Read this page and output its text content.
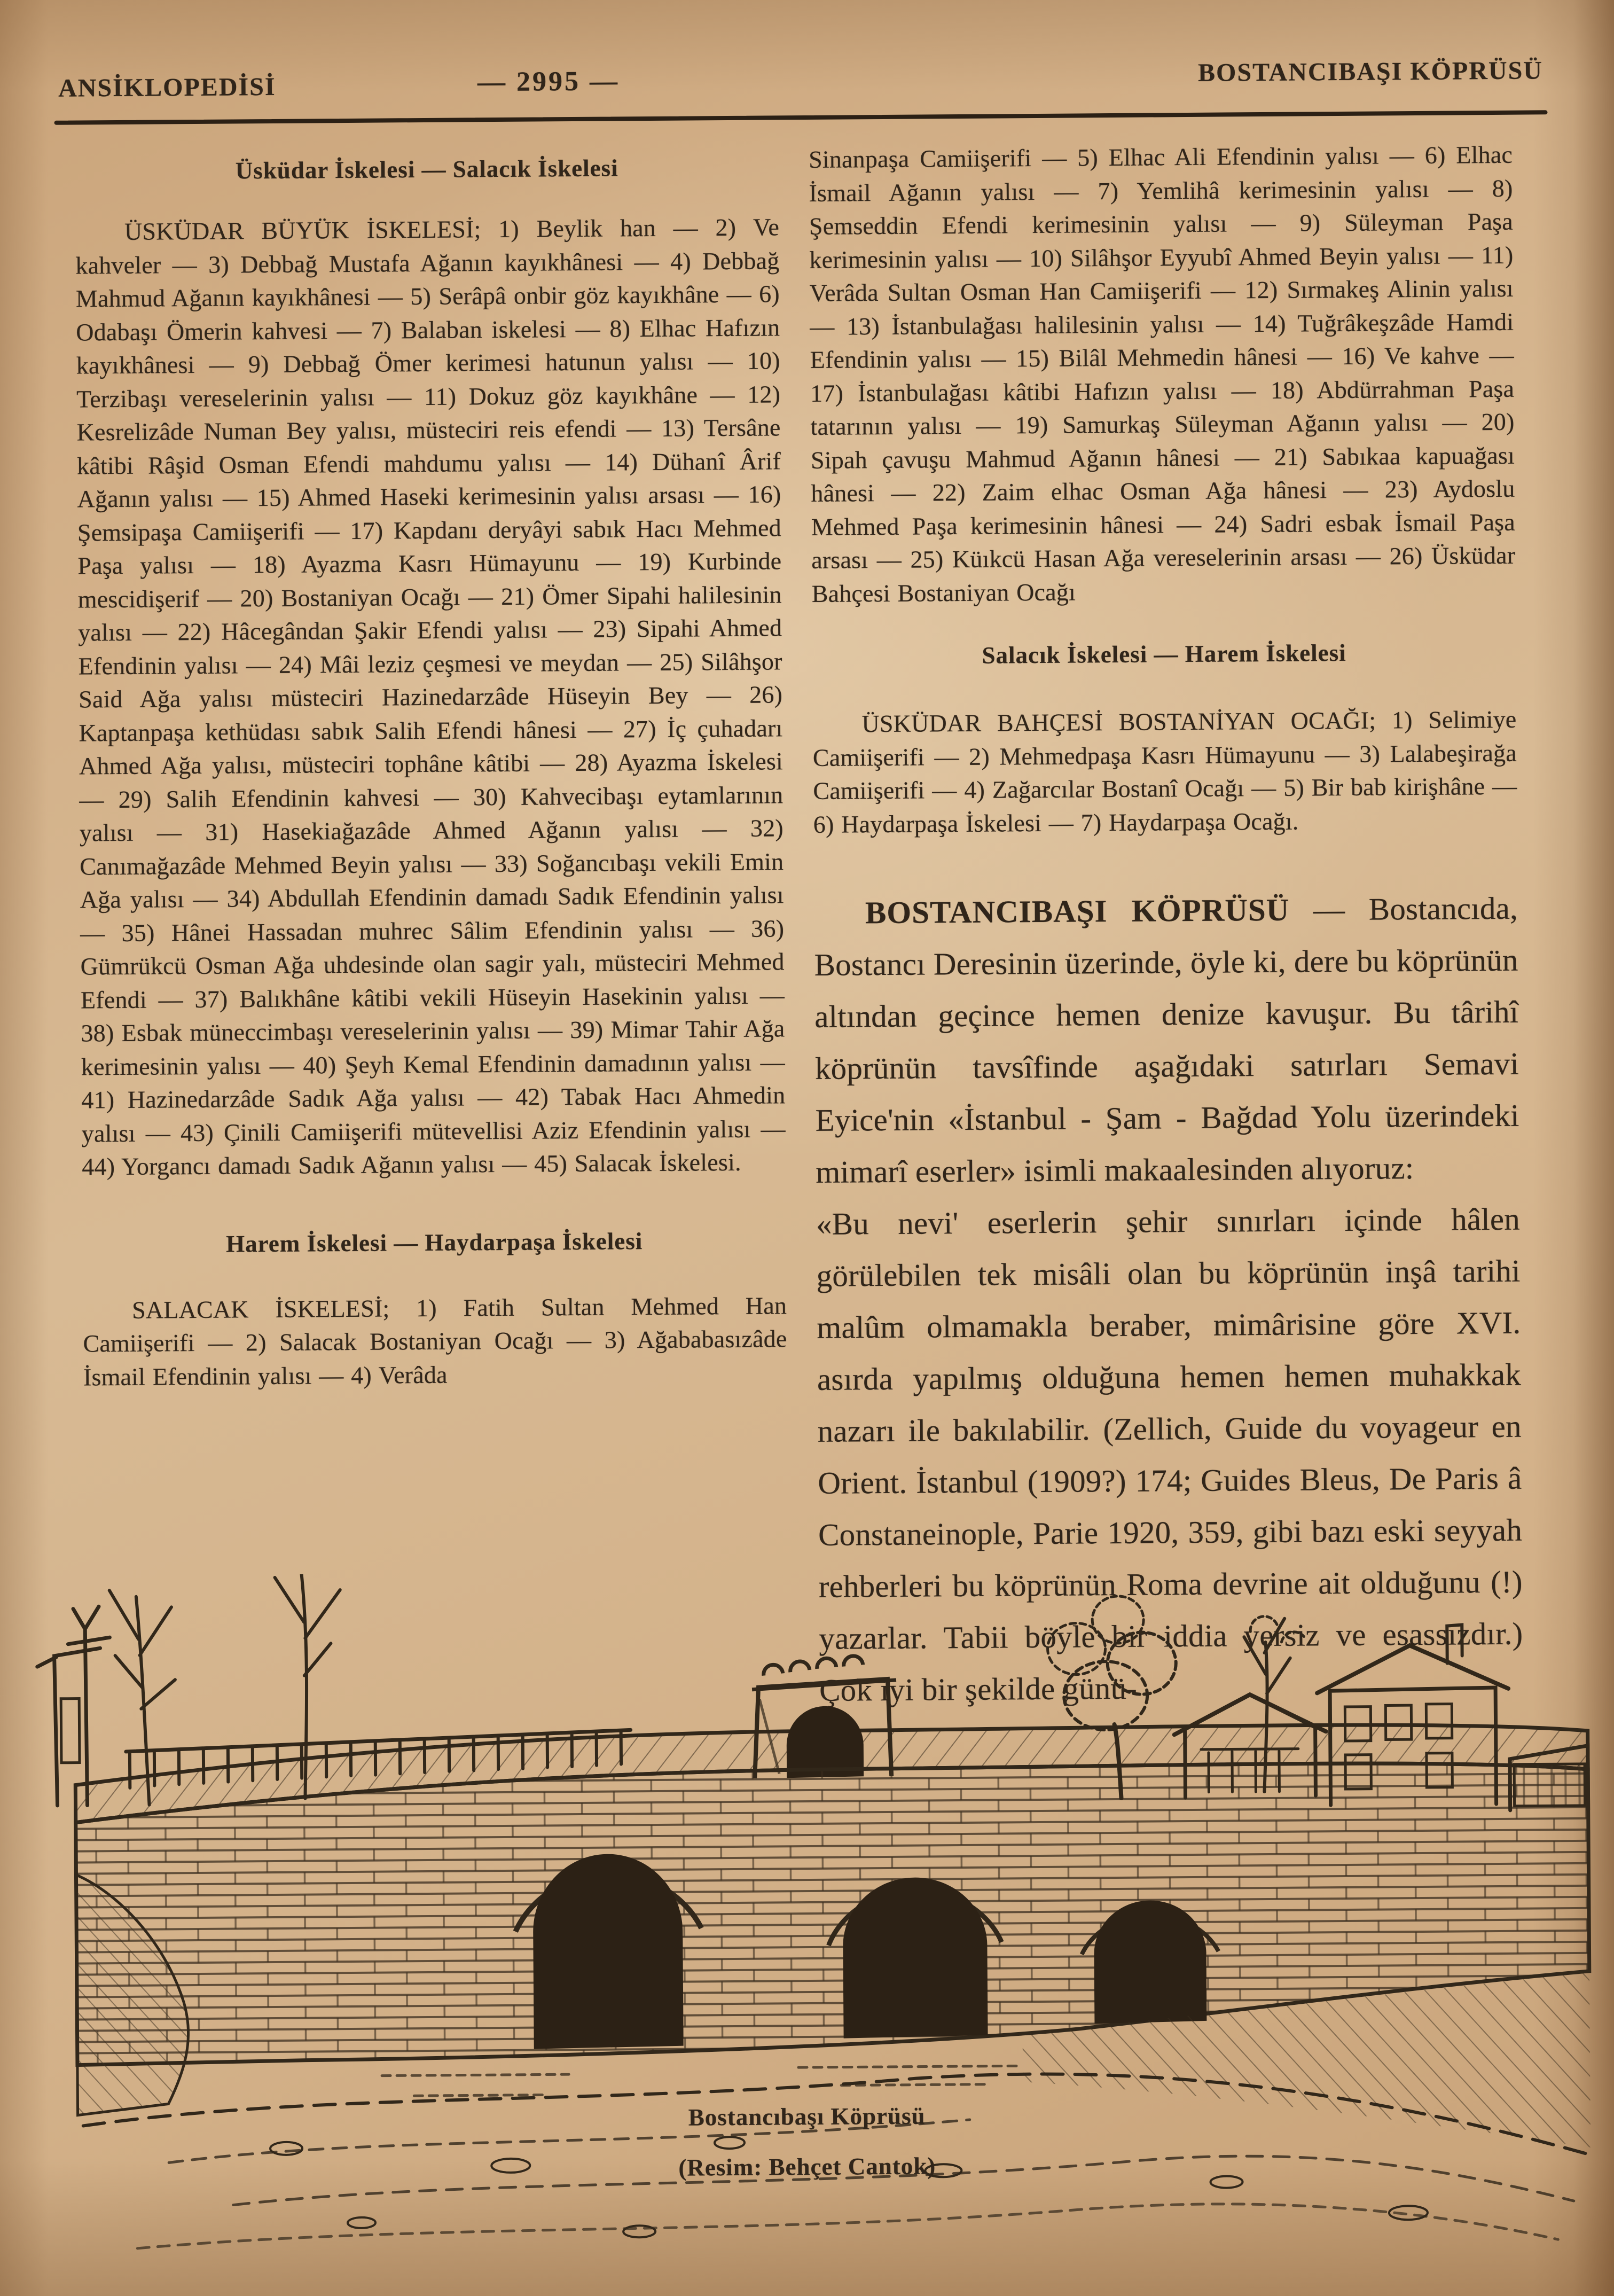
ANSİKLOPEDİSİ	— 2995 —	BOSTANCIBAŞI KÖPRÜSÜ
Üsküdar İskelesi — Salacık İskelesi

ÜSKÜDAR BÜYÜK İSKELESİ; 1) Beylik han — 2) Ve kahveler — 3) Debbağ Mustafa Ağanın kayıkhânesi — 4) Debbağ Mahmud Ağanın kayıkhânesi — 5) Serâpâ onbir göz kayıkhâne — 6) Odabaşı Ömerin kahvesi — 7) Balaban iskelesi — 8) Elhac Hafızın kayıkhânesi — 9) Debbağ Ömer kerimesi hatunun yalısı — 10) Terzibaşı vereselerinin yalısı — 11) Dokuz göz kayıkhâne — 12) Kesrelizâde Numan Bey yalısı, müsteciri reis efendi — 13) Tersâne kâtibi Râşid Osman Efendi mahdumu yalısı — 14) Dühanî Ârif Ağanın yalısı — 15) Ahmed Haseki kerimesinin yalısı arsası — 16) Şemsipaşa Camiişerifi — 17) Kapdanı deryâyi sabık Hacı Mehmed Paşa yalısı — 18) Ayazma Kasrı Hümayunu — 19) Kurbinde mescidişerif — 20) Bostaniyan Ocağı — 21) Ömer Sipahi halilesinin yalısı — 22) Hâcegândan Şakir Efendi yalısı — 23) Sipahi Ahmed Efendinin yalısı — 24) Mâi leziz çeşmesi ve meydan — 25) Silâhşor Said Ağa yalısı müsteciri Hazinedarzâde Hüseyin Bey — 26) Kaptanpaşa kethüdası sabık Salih Efendi hânesi — 27) İç çuhadarı Ahmed Ağa yalısı, müsteciri tophâne kâtibi — 28) Ayazma İskelesi — 29) Salih Efendinin kahvesi — 30) Kahvecibaşı eytamlarının yalısı — 31) Hasekiağazâde Ahmed Ağanın yalısı — 32) Canımağazâde Mehmed Beyin yalısı — 33) Soğancıbaşı vekili Emin Ağa yalısı — 34) Abdullah Efendinin damadı Sadık Efendinin yalısı — 35) Hânei Hassadan muhrec Sâlim Efendinin yalısı — 36) Gümrükcü Osman Ağa uhdesinde olan sagir yalı, müsteciri Mehmed Efendi — 37) Balıkhâne kâtibi vekili Hüseyin Hasekinin yalısı — 38) Esbak müneccimbaşı vereselerinin yalısı — 39) Mimar Tahir Ağa kerimesinin yalısı — 40) Şeyh Kemal Efendinin damadının yalısı — 41) Hazinedarzâde Sadık Ağa yalısı — 42) Tabak Hacı Ahmedin yalısı — 43) Çinili Camiişerifi mütevellisi Aziz Efendinin yalısı — 44) Yorgancı damadı Sadık Ağanın yalısı — 45) Salacak İskelesi.

Harem İskelesi — Haydarpaşa İskelesi

SALACAK İSKELESİ; 1) Fatih Sultan Mehmed Han Camiişerifi — 2) Salacak Bostaniyan Ocağı — 3) Ağababasızâde İsmail Efendinin yalısı — 4) Verâda

Sinanpaşa Camiişerifi — 5) Elhac Ali Efendinin yalısı — 6) Elhac İsmail Ağanın yalısı — 7) Yemlihâ kerimesinin yalısı — 8) Şemseddin Efendi kerimesinin yalısı — 9) Süleyman Paşa kerimesinin yalısı — 10) Silâhşor Eyyubî Ahmed Beyin yalısı — 11) Verâda Sultan Osman Han Camiişerifi — 12) Sırmakeş Alinin yalısı — 13) İstanbulağası halilesinin yalısı — 14) Tuğrâkeşzâde Hamdi Efendinin yalısı — 15) Bilâl Mehmedin hânesi — 16) Ve kahve — 17) İstanbulağası kâtibi Hafızın yalısı — 18) Abdürrahman Paşa tatarının yalısı — 19) Samurkaş Süleyman Ağanın yalısı — 20) Sipah çavuşu Mahmud Ağanın hânesi — 21) Sabıkaa kapuağası hânesi — 22) Zaim elhac Osman Ağa hânesi — 23) Aydoslu Mehmed Paşa kerimesinin hânesi — 24) Sadri esbak İsmail Paşa arsası — 25) Küıkcü Hasan Ağa vereselerinin arsası — 26) Üsküdar Bahçesi Bostaniyan Ocağı

Salacık İskelesi — Harem İskelesi

ÜSKÜDAR BAHÇESİ BOSTANİYAN OCAĞI; 1) Selimiye Camiişerifi — 2) Mehmedpaşa Kasrı Hümayunu — 3) Lalabeşirağa Camiişerifi — 4) Zağarcılar Bostanî Ocağı — 5) Bir bab kirişhâne — 6) Haydarpaşa İskelesi — 7) Haydarpaşa Ocağı.

BOSTANCIBAŞI KÖPRÜSÜ — Bostancıda, Bostancı Deresinin üzerinde, öyle ki, dere bu köprünün altından geçince hemen denize kavuşur. Bu târihî köprünün tavsîfinde aşağıdaki satırları Semavi Eyice'nin «İstanbul - Şam - Bağdad Yolu üzerindeki mimarî eserler» isimli makaalesinden alıyoruz:

«Bu nevi' eserlerin şehir sınırları içinde hâlen görülebilen tek misâli olan bu köprünün inşâ tarihi malûm olmamakla beraber, mimârisine göre XVI. asırda yapılmış olduğuna hemen hemen muhakkak nazarı ile bakılabilir. (Zellich, Guide du voyageur en Orient. İstanbul (1909?) 174; Guides Bleus, De Paris â Constaneinople, Parie 1920, 359, gibi bazı eski seyyah rehberleri bu köprünün Roma devrine ait olduğunu (!) yazarlar. Tabii böyle bir iddia yersiz ve esassızdır.) Çok iyi bir şekilde günü-

Bostancıbaşı Köprüsü
(Resim: Behçet Cantok)
